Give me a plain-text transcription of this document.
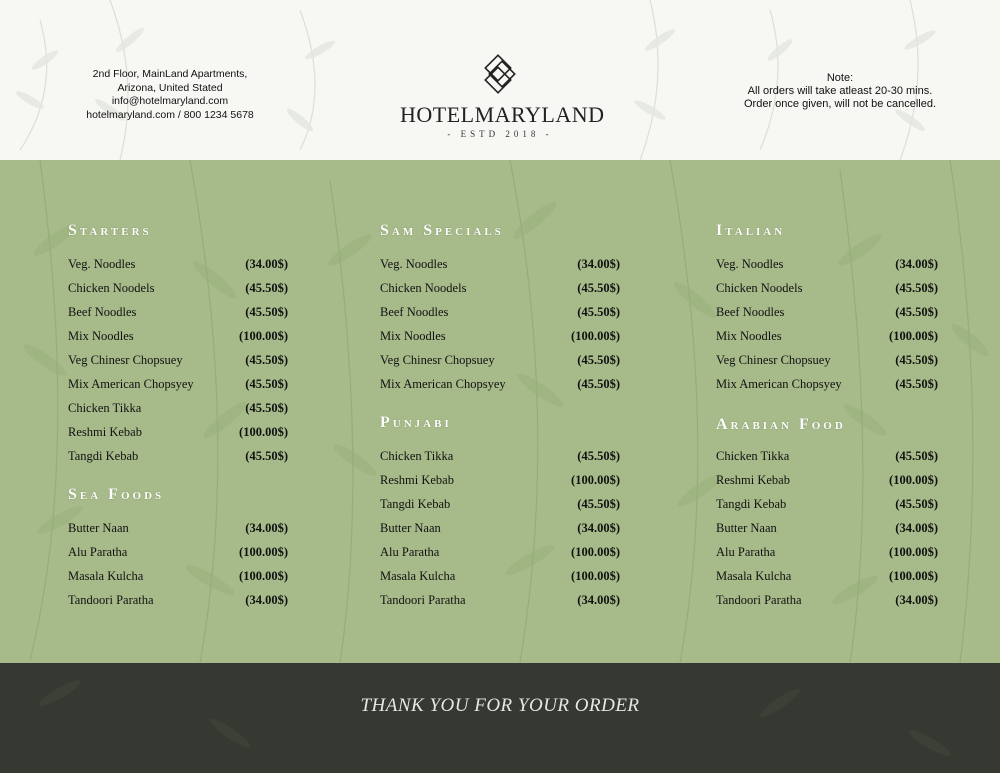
2nd Floor, MainLand Apartments,
Arizona, United Stated
info@hotelmaryland.com
hotelmaryland.com / 800 1234 5678	HOTELMARYLAND
- ESTD 2018 -
Note:
All orders will take atleast 20-30 mins.
Order once given, will not be cancelled.
Starters
Veg. Noodles	(34.00$)
Chicken Noodels	(45.50$)
Beef Noodles	(45.50$)
Mix Noodles	(100.00$)
Veg Chinesr Chopsuey	(45.50$)
Mix American Chopsyey	(45.50$)
Chicken Tikka	(45.50$)
Reshmi Kebab	(100.00$)
Tangdi Kebab	(45.50$)
Sea Foods
Butter Naan	(34.00$)
Alu Paratha	(100.00$)
Masala Kulcha	(100.00$)
Tandoori Paratha	(34.00$)
Sam Specials
Veg. Noodles	(34.00$)
Chicken Noodels	(45.50$)
Beef Noodles	(45.50$)
Mix Noodles	(100.00$)
Veg Chinesr Chopsuey	(45.50$)
Mix American Chopsyey	(45.50$)
Punjabi
Chicken Tikka	(45.50$)
Reshmi Kebab	(100.00$)
Tangdi Kebab	(45.50$)
Butter Naan	(34.00$)
Alu Paratha	(100.00$)
Masala Kulcha	(100.00$)
Tandoori Paratha	(34.00$)
Italian
Veg. Noodles	(34.00$)
Chicken Noodels	(45.50$)
Beef Noodles	(45.50$)
Mix Noodles	(100.00$)
Veg Chinesr Chopsuey	(45.50$)
Mix American Chopsyey	(45.50$)
Arabian Food
Chicken Tikka	(45.50$)
Reshmi Kebab	(100.00$)
Tangdi Kebab	(45.50$)
Butter Naan	(34.00$)
Alu Paratha	(100.00$)
Masala Kulcha	(100.00$)
Tandoori Paratha	(34.00$)
THANK YOU FOR YOUR ORDER
